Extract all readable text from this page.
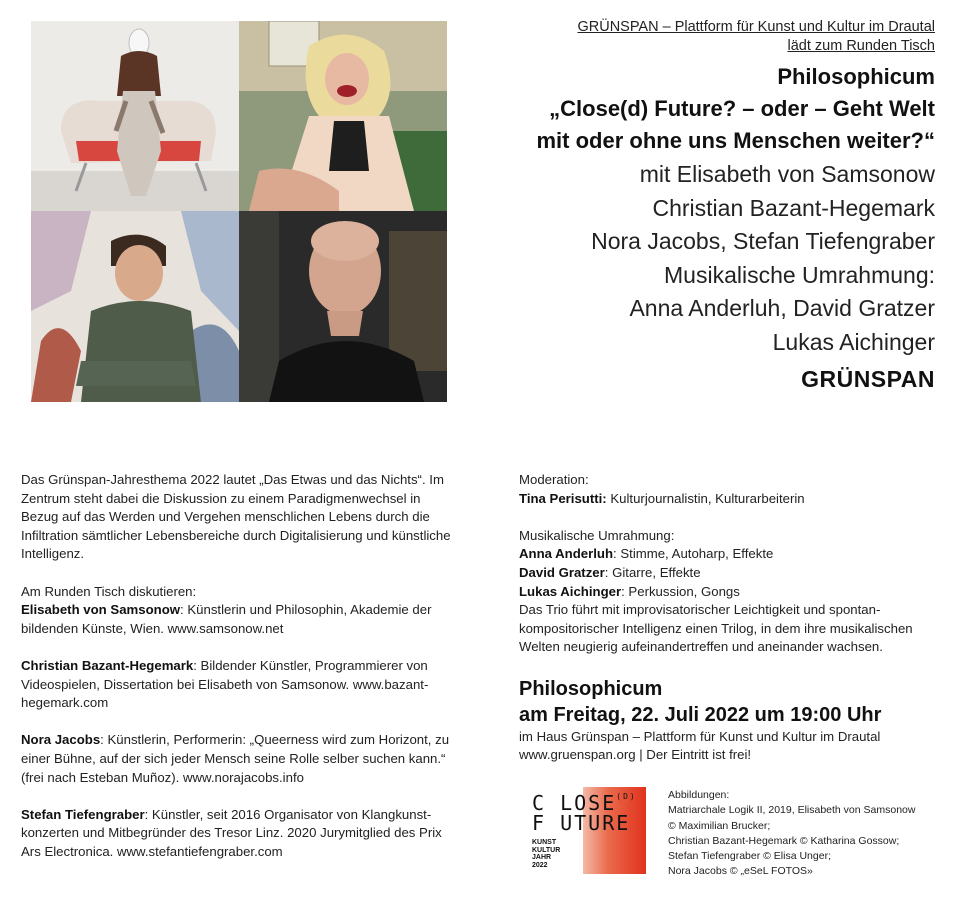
GRÜNSPAN – Plattform für Kunst und Kultur im Drautal
lädt zum Runden Tisch
Philosophicum
„Close(d) Future? – oder – Geht Welt
mit oder ohne uns Menschen weiter?“
mit Elisabeth von Samsonow
Christian Bazant-Hegemark
Nora Jacobs, Stefan Tiefengraber
Musikalische Umrahmung:
Anna Anderluh, David Gratzer
Lukas Aichinger
GRÜNSPAN

Das Grünspan-Jahresthema 2022 lautet „Das Etwas und das Nichts“. Im Zentrum steht dabei die Diskussion zu einem Paradigmenwechsel in Bezug auf das Werden und Vergehen menschlichen Lebens durch die Infiltration sämtlicher Lebensbereiche durch Digitalisierung und künstliche Intelligenz.

Am Runden Tisch diskutieren:
Elisabeth von Samsonow: Künstlerin und Philosophin, Akademie der bildenden Künste, Wien. www.samsonow.net

Christian Bazant-Hegemark: Bildender Künstler, Programmierer von Videospielen, Dissertation bei Elisabeth von Samsonow. www.bazant-hegemark.com

Nora Jacobs: Künstlerin, Performerin: „Queerness wird zum Horizont, zu einer Bühne, auf der sich jeder Mensch seine Rolle selber suchen kann.“ (frei nach Esteban Muñoz). www.norajacobs.info

Stefan Tiefengraber: Künstler, seit 2016 Organisator von Klangkunstkonzerten und Mitbegründer des Tresor Linz. 2020 Jurymitglied des Prix Ars Electronica. www.stefantiefengraber.com

Moderation:
Tina Perisutti: Kulturjournalistin, Kulturarbeiterin

Musikalische Umrahmung:
Anna Anderluh: Stimme, Autoharp, Effekte
David Gratzer: Gitarre, Effekte
Lukas Aichinger: Perkussion, Gongs
Das Trio führt mit improvisatorischer Leichtigkeit und spontan-kompositorischer Intelligenz einen Trilog, in dem ihre musikalischen Welten neugierig aufeinandertreffen und aneinander wachsen.

Philosophicum
am Freitag, 22. Juli 2022 um 19:00 Uhr
im Haus Grünspan – Plattform für Kunst und Kultur im Drautal
www.gruenspan.org | Der Eintritt ist frei!
C $LOSE^{(D)}$
F UTURE
KUNST
KULTUR
JAHR
2022
Abbildungen:
Matriarchale Logik II, 2019, Elisabeth von Samsonow
© Maximilian Brucker;
Christian Bazant-Hegemark © Katharina Gossow;
Stefan Tiefengraber © Elisa Unger;
Nora Jacobs © „eSeL FOTOS»
